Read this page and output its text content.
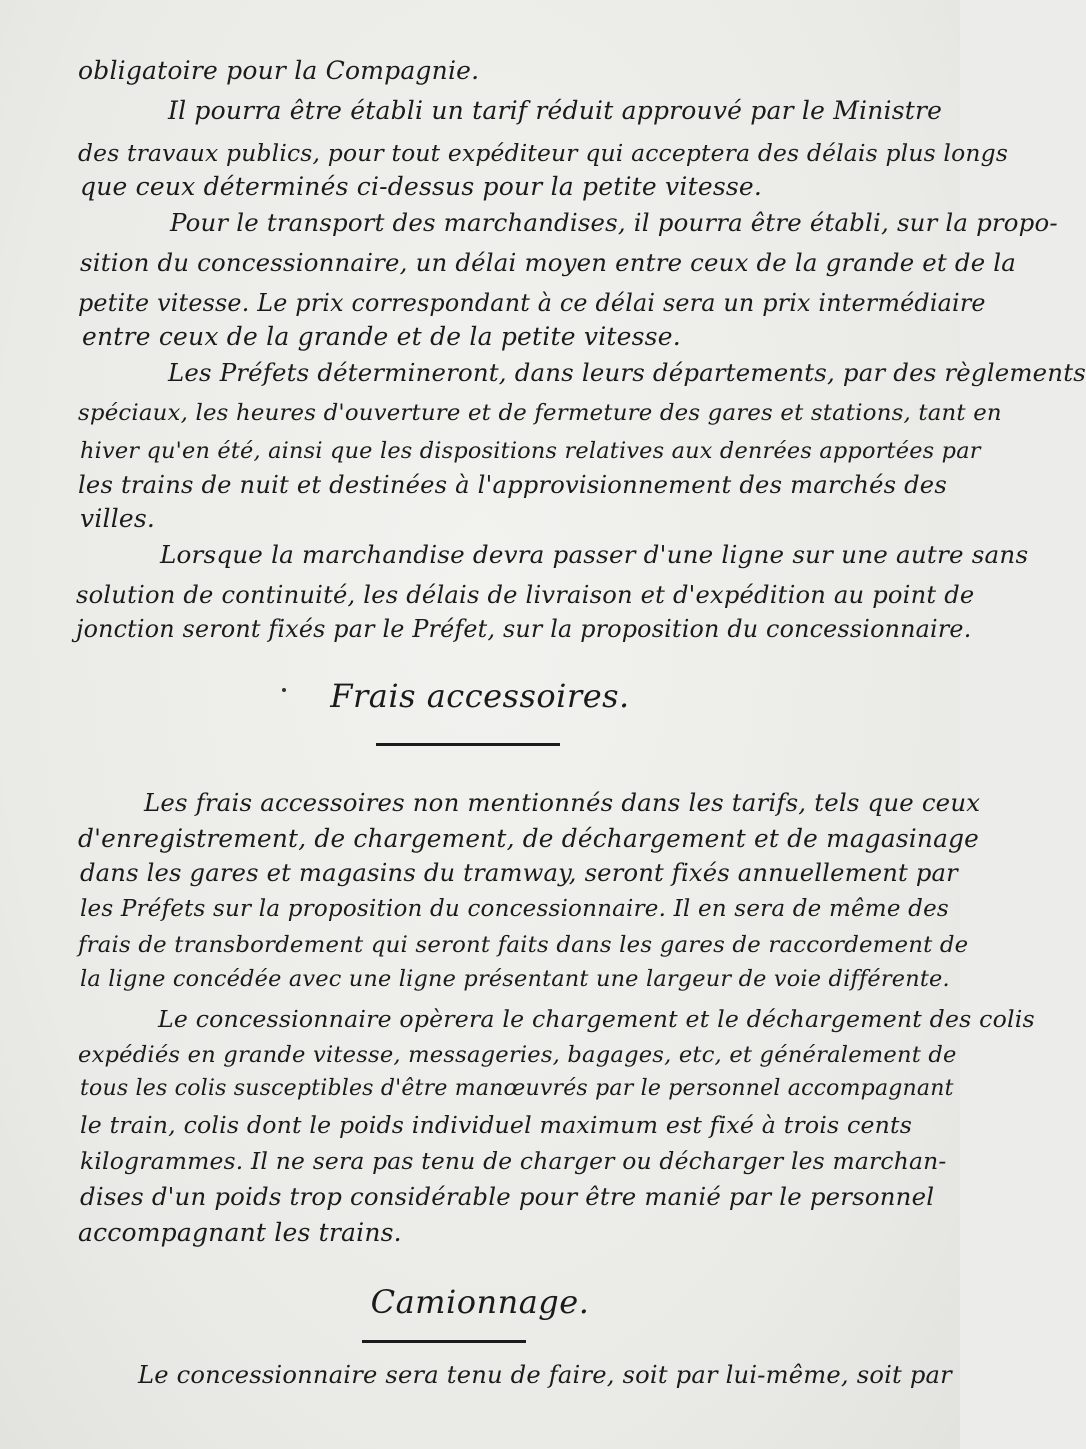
obligatoire pour la Compagnie.
Il pourra être établi un tarif réduit approuvé par le Ministre
des travaux publics, pour tout expéditeur qui acceptera des délais plus longs
que ceux déterminés ci-dessus pour la petite vitesse.
Pour le transport des marchandises, il pourra être établi, sur la propo-
sition du concessionnaire, un délai moyen entre ceux de la grande et de la
petite vitesse. Le prix correspondant à ce délai sera un prix intermédiaire
entre ceux de la grande et de la petite vitesse.
Les Préfets détermineront, dans leurs départements, par des règlements
spéciaux, les heures d'ouverture et de fermeture des gares et stations, tant en
hiver qu'en été, ainsi que les dispositions relatives aux denrées apportées par
les trains de nuit et destinées à l'approvisionnement des marchés des
villes.
Lorsque la marchandise devra passer d'une ligne sur une autre sans
solution de continuité, les délais de livraison et d'expédition au point de
jonction seront fixés par le Préfet, sur la proposition du concessionnaire.
Frais accessoires.
Les frais accessoires non mentionnés dans les tarifs, tels que ceux
d'enregistrement, de chargement, de déchargement et de magasinage
dans les gares et magasins du tramway, seront fixés annuellement par
les Préfets sur la proposition du concessionnaire. Il en sera de même des
frais de transbordement qui seront faits dans les gares de raccordement de
la ligne concédée avec une ligne présentant une largeur de voie différente.
Le concessionnaire opèrera le chargement et le déchargement des colis
expédiés en grande vitesse, messageries, bagages, etc, et généralement de
tous les colis susceptibles d'être manœuvrés par le personnel accompagnant
le train, colis dont le poids individuel maximum est fixé à trois cents
kilogrammes. Il ne sera pas tenu de charger ou décharger les marchan-
dises d'un poids trop considérable pour être manié par le personnel
accompagnant les trains.
Camionnage.
Le concessionnaire sera tenu de faire, soit par lui-même, soit par
